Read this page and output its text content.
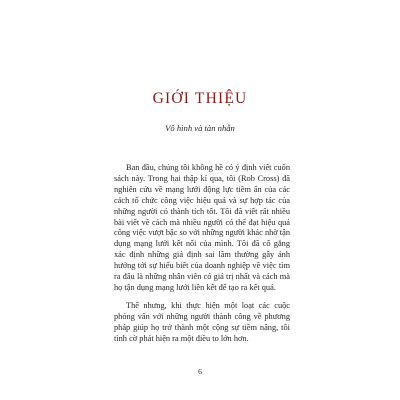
GIỚI THIỆU
Vô hình và tàn nhẫn

Ban đầu, chúng tôi không hề có ý định viết cuốn sách này. Trong hai thập kỉ qua, tôi (Rob Cross) đã nghiên cứu về mạng lưới động lực tiềm ẩn của các cách tổ chức công việc hiệu quả và sự hợp tác của những người có thành tích tốt. Tôi đã viết rất nhiều bài viết về cách mà nhiều người có thể đạt hiệu quả công việc vượt bậc so với những người khác nhờ tận dụng mạng lưới kết nối của mình. Tôi đã cố gắng xác định những giả định sai lầm thường gây ảnh hưởng tới sự hiểu biết của doanh nghiệp về việc tìm ra đâu là những nhân viên có giá trị nhất và cách mà họ tận dụng mạng lưới liên kết để tạo ra kết quả.

Thế nhưng, khi thực hiện một loạt các cuộc phỏng vấn với những người thành công về phương pháp giúp họ trở thành một cộng sự tiềm năng, tôi tình cờ phát hiện ra một điều to lớn hơn.

6
